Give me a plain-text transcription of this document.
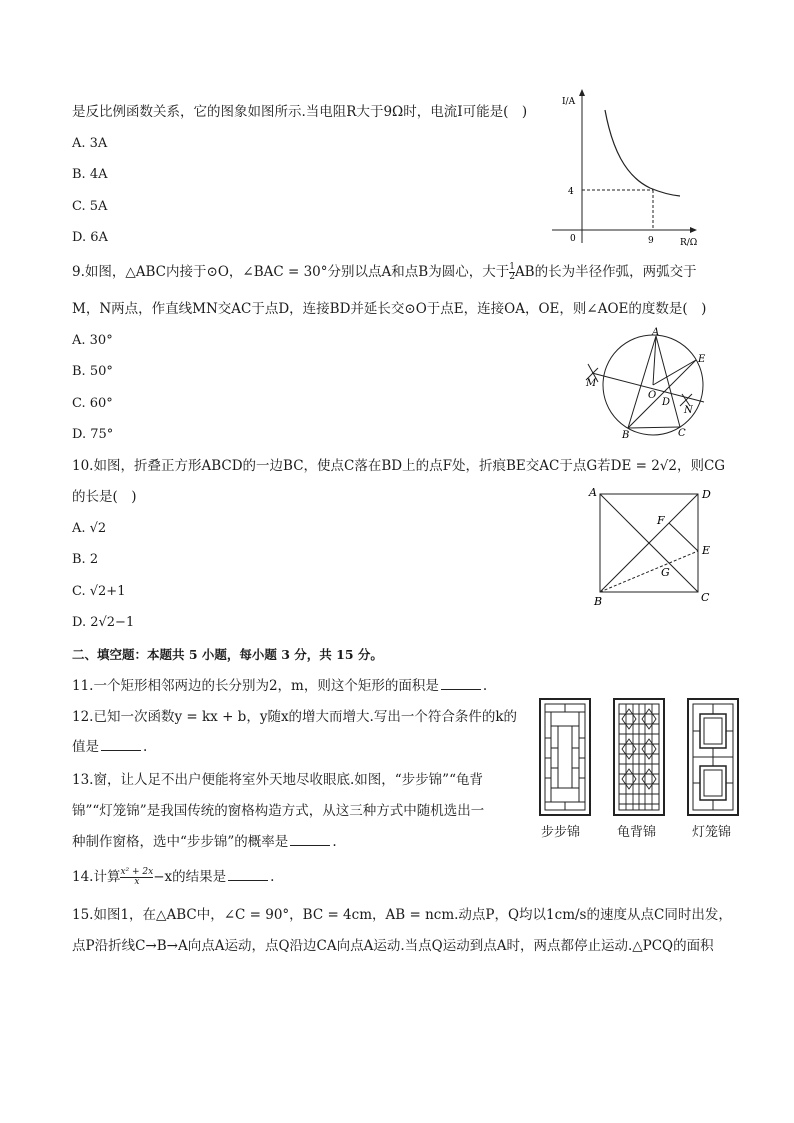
是反比例函数关系，它的图象如图所示.当电阻R大于9Ω时，电流I可能是(　)
A. 3A
B. 4A
C. 5A
D. 6A
I/A
R/Ω
0	9
4
9.如图，△ABC内接于⊙O，∠BAC = 30°分别以点A和点B为圆心，大于 $\frac{1}{2}$ AB的长为半径作弧，两弧交于
M，N两点，作直线MN交AC于点D，连接BD并延长交⊙O于点E，连接OA，OE，则∠AOE的度数是(　)
A. 30°
B. 50°
C. 60°
D. 75°
A
E
M
O
D
N
B	C
10.如图，折叠正方形ABCD的一边BC，使点C落在BD上的点F处，折痕BE交AC于点G若DE = 2√2，则CG
的长是(　)
A. √2
B. 2
C. √2+1
D. 2√2−1
A	D
F
E
G
B	C
二、填空题：本题共 5 小题，每小题 3 分，共 15 分。
11.一个矩形相邻两边的长分别为2，m，则这个矩形的面积是	.
12.已知一次函数y = kx + b，y随x的增大而增大.写出一个符合条件的k的
值是	.
13.窗，让人足不出户便能将室外天地尽收眼底.如图，“步步锦”“龟背
锦”“灯笼锦”是我国传统的窗格构造方式，从这三种方式中随机选出一
种制作窗格，选中“步步锦”的概率是	.
步步锦	龟背锦	灯笼锦
14.计算 $\frac{\text{x² + 2x}}{x} -x$的结果是	.
15.如图1，在△ABC中，∠C = 90°，BC = 4cm，AB = ncm.动点P，Q均以1cm/s的速度从点C同时出发，
点P沿折线C→B→A向点A运动，点Q沿边CA向点A运动.当点Q运动到点A时，两点都停止运动.△PCQ的面积
